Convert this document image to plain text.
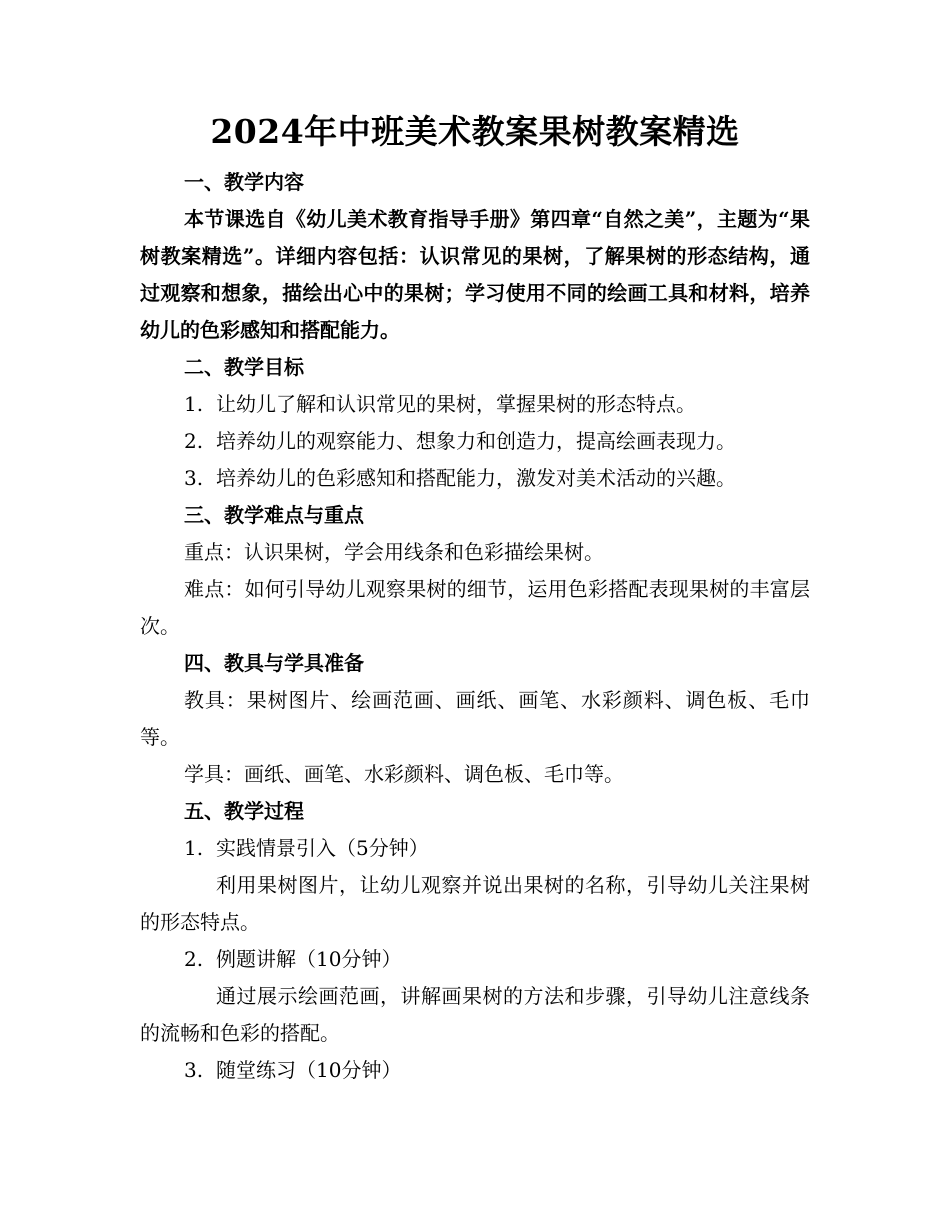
2024年中班美术教案果树教案精选

一、教学内容

本节课选自《幼儿美术教育指导手册》第四章“自然之美”，主题为“果树教案精选”。详细内容包括：认识常见的果树，了解果树的形态结构，通过观察和想象，描绘出心中的果树；学习使用不同的绘画工具和材料，培养幼儿的色彩感知和搭配能力。

二、教学目标

1. 让幼儿了解和认识常见的果树，掌握果树的形态特点。

2. 培养幼儿的观察能力、想象力和创造力，提高绘画表现力。

3. 培养幼儿的色彩感知和搭配能力，激发对美术活动的兴趣。

三、教学难点与重点

重点：认识果树，学会用线条和色彩描绘果树。

难点：如何引导幼儿观察果树的细节，运用色彩搭配表现果树的丰富层次。

四、教具与学具准备

教具：果树图片、绘画范画、画纸、画笔、水彩颜料、调色板、毛巾等。

学具：画纸、画笔、水彩颜料、调色板、毛巾等。

五、教学过程

1. 实践情景引入（5分钟）

利用果树图片，让幼儿观察并说出果树的名称，引导幼儿关注果树的形态特点。

2. 例题讲解（10分钟）

通过展示绘画范画，讲解画果树的方法和步骤，引导幼儿注意线条的流畅和色彩的搭配。

3. 随堂练习（10分钟）
